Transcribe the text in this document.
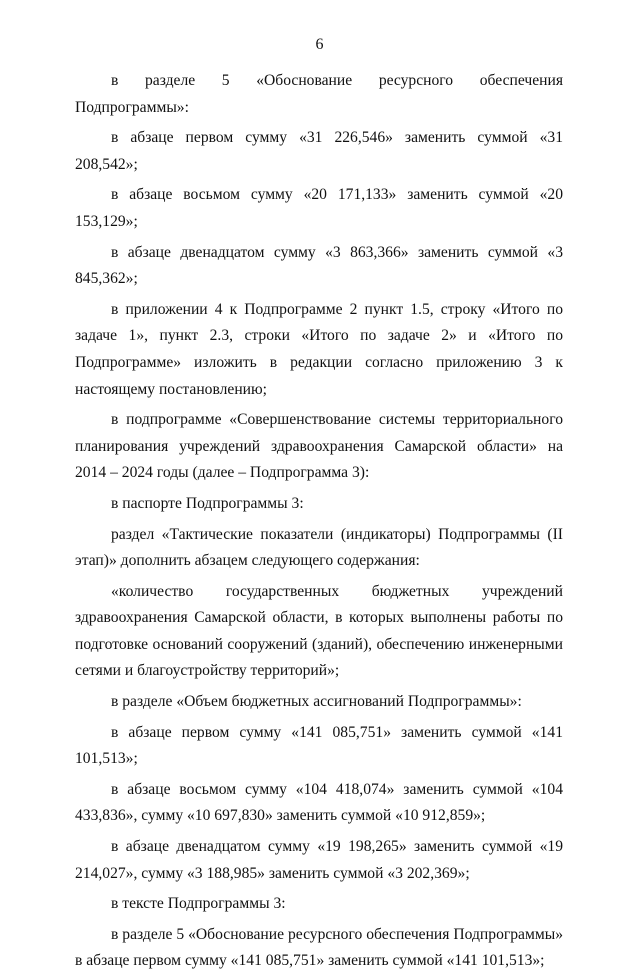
6

в разделе 5 «Обоснование ресурсного обеспечения Подпрограммы»:

в абзаце первом сумму «31 226,546» заменить суммой «31 208,542»;

в абзаце восьмом сумму «20 171,133» заменить суммой «20 153,129»;

в абзаце двенадцатом сумму «3 863,366» заменить суммой «3 845,362»;

в приложении 4 к Подпрограмме 2 пункт 1.5, строку «Итого по задаче 1», пункт 2.3, строки «Итого по задаче 2» и «Итого по Подпрограмме» изложить в редакции согласно приложению 3 к настоящему постановлению;

в подпрограмме «Совершенствование системы территориального планирования учреждений здравоохранения Самарской области» на 2014 – 2024 годы (далее – Подпрограмма 3):

в паспорте Подпрограммы 3:

раздел «Тактические показатели (индикаторы) Подпрограммы (II этап)» дополнить абзацем следующего содержания:

«количество государственных бюджетных учреждений здравоохранения Самарской области, в которых выполнены работы по подготовке оснований сооружений (зданий), обеспечению инженерными сетями и благоустройству территорий»;

в разделе «Объем бюджетных ассигнований Подпрограммы»:

в абзаце первом сумму «141 085,751» заменить суммой «141 101,513»;

в абзаце восьмом сумму «104 418,074» заменить суммой «104 433,836», сумму «10 697,830» заменить суммой «10 912,859»;

в абзаце двенадцатом сумму «19 198,265» заменить суммой «19 214,027», сумму «3 188,985» заменить суммой «3 202,369»;

в тексте Подпрограммы 3:

в разделе 5 «Обоснование ресурсного обеспечения Подпрограммы» в абзаце первом сумму «141 085,751» заменить суммой «141 101,513»;
